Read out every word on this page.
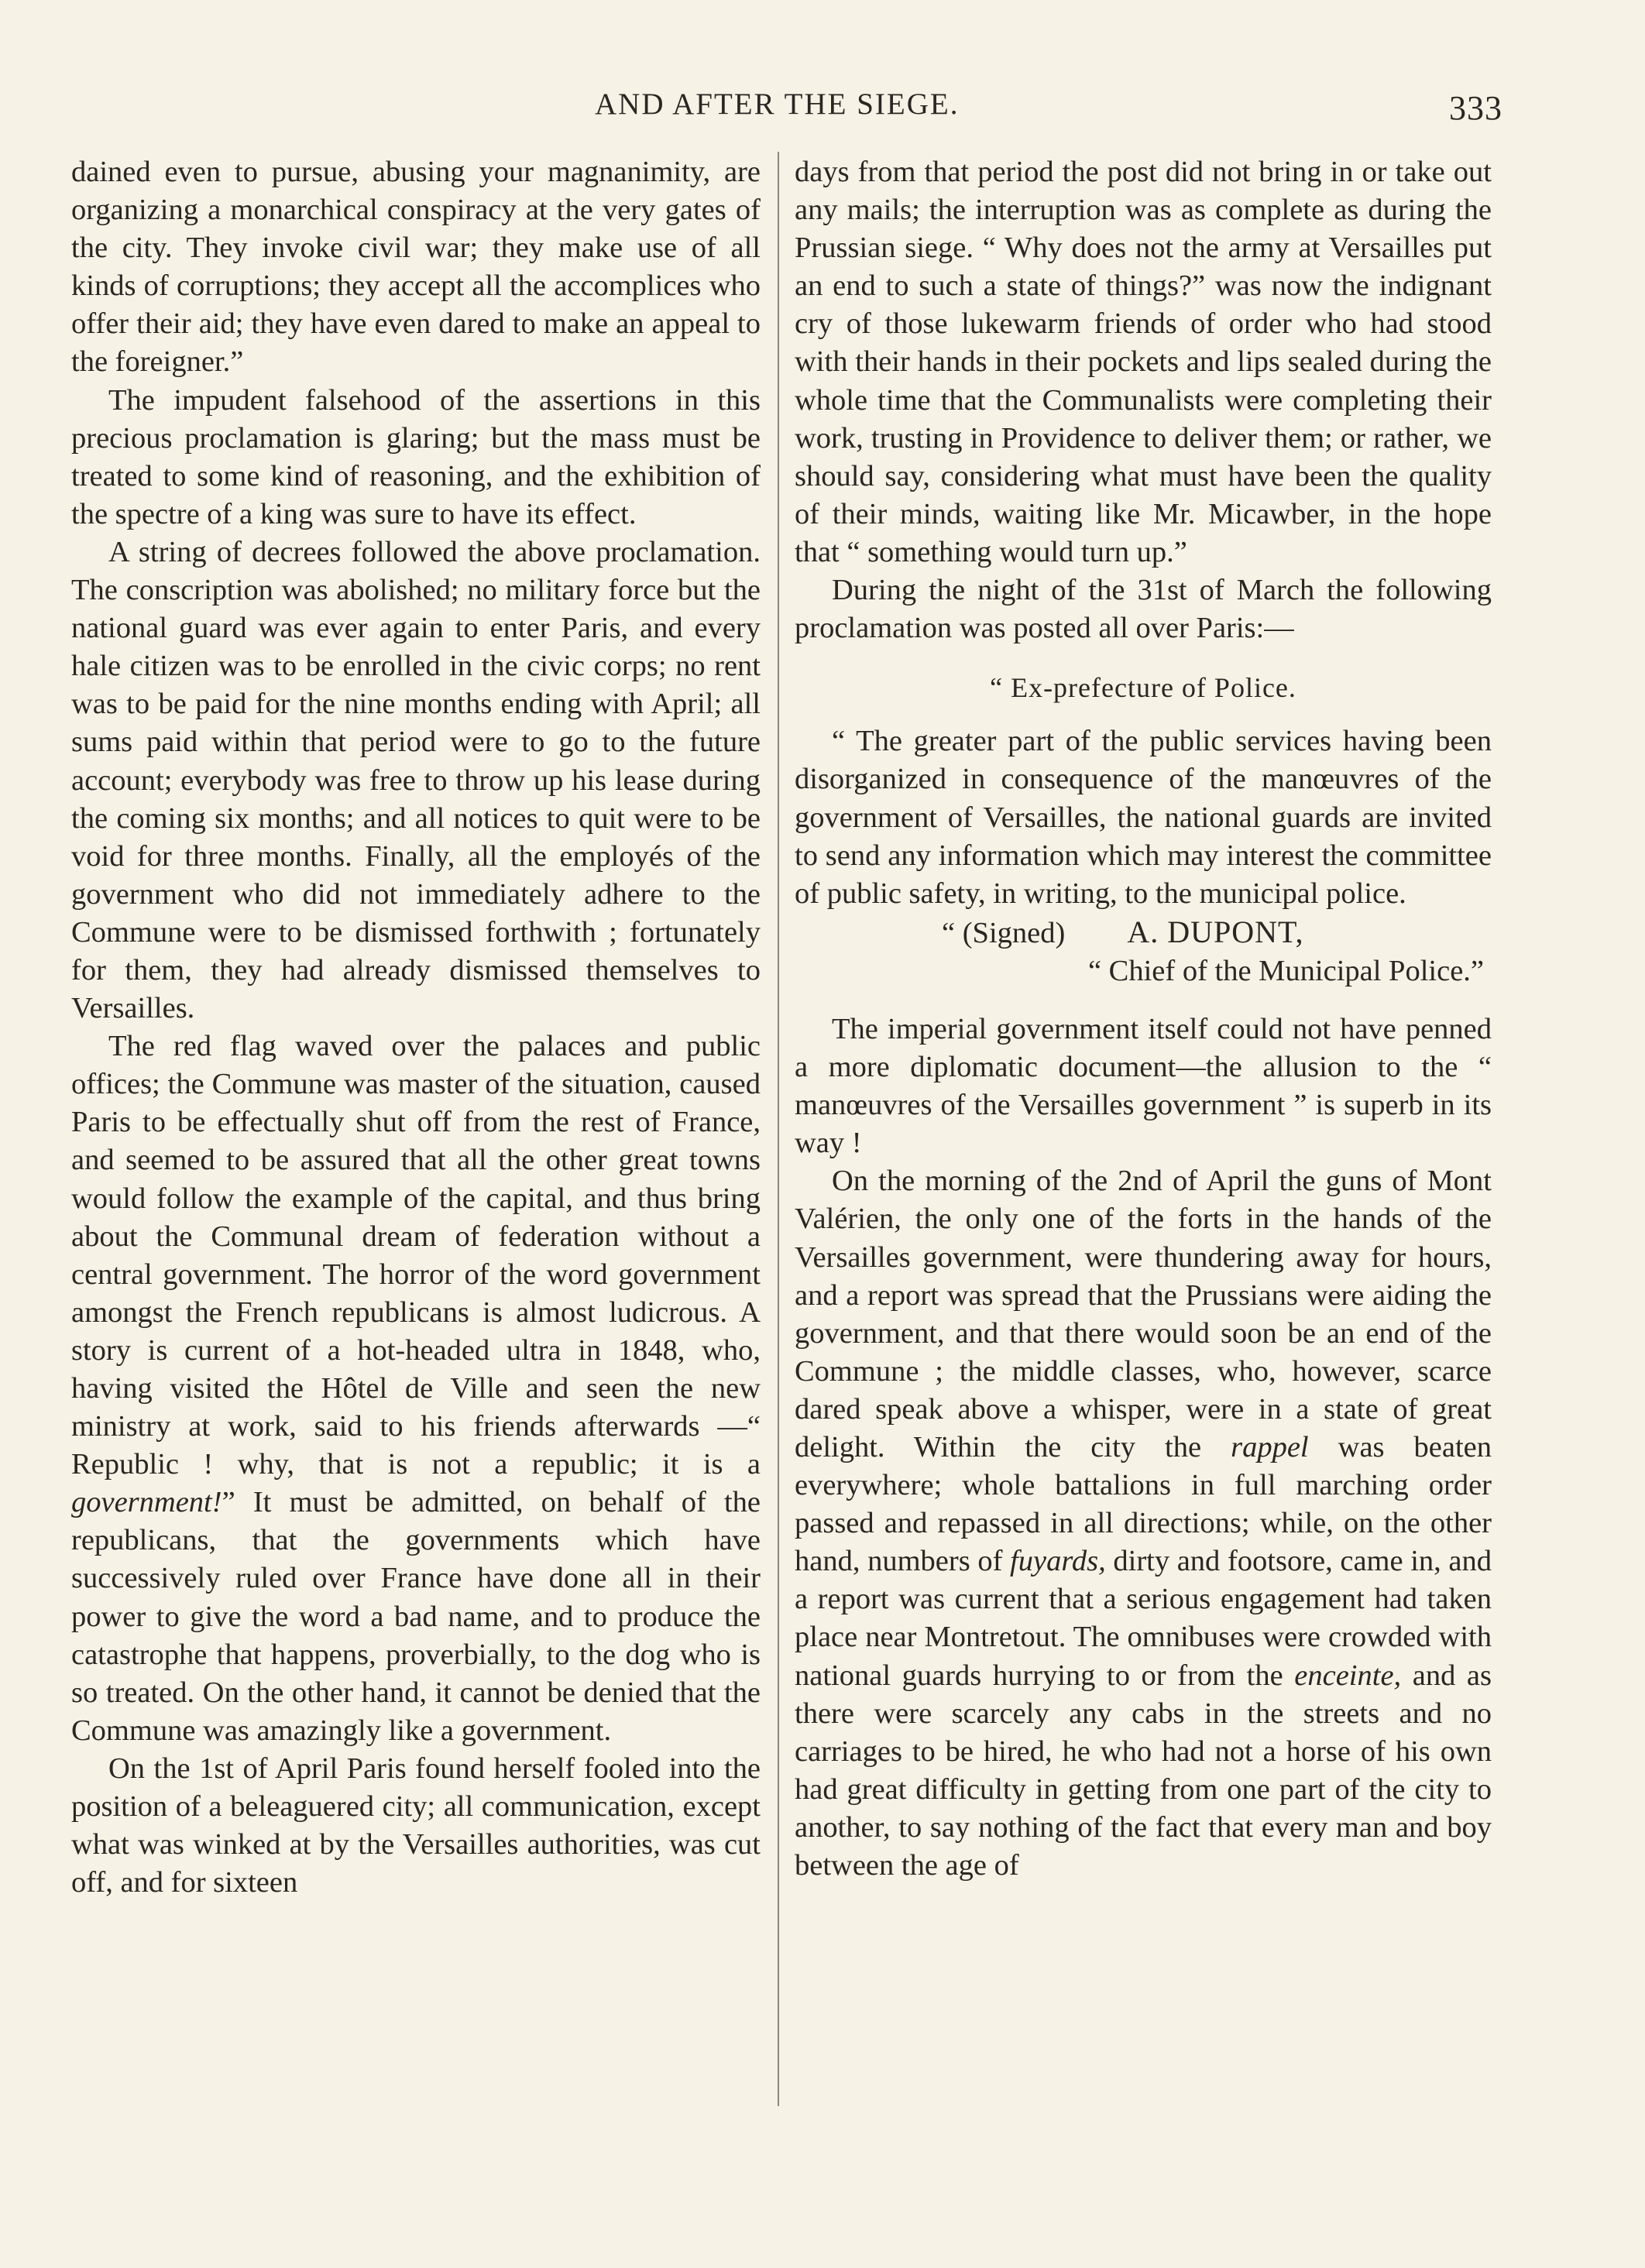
AND AFTER THE SIEGE.	333

dained even to pursue, abusing your magnanimity, are organizing a monarchical conspiracy at the very gates of the city. They invoke civil war; they make use of all kinds of corruptions; they accept all the accomplices who offer their aid; they have even dared to make an appeal to the foreigner.”

The impudent falsehood of the assertions in this precious proclamation is glaring; but the mass must be treated to some kind of reasoning, and the exhibition of the spectre of a king was sure to have its effect.

A string of decrees followed the above proclamation. The conscription was abolished; no military force but the national guard was ever again to enter Paris, and every hale citizen was to be enrolled in the civic corps; no rent was to be paid for the nine months ending with April; all sums paid within that period were to go to the future account; everybody was free to throw up his lease during the coming six months; and all notices to quit were to be void for three months. Finally, all the employés of the government who did not immediately adhere to the Commune were to be dismissed forthwith ; fortunately for them, they had already dismissed themselves to Versailles.

The red flag waved over the palaces and public offices; the Commune was master of the situation, caused Paris to be effectually shut off from the rest of France, and seemed to be assured that all the other great towns would follow the example of the capital, and thus bring about the Communal dream of federation without a central government. The horror of the word government amongst the French republicans is almost ludicrous. A story is current of a hot-headed ultra in 1848, who, having visited the Hôtel de Ville and seen the new ministry at work, said to his friends afterwards —“ Republic ! why, that is not a republic; it is a government!” It must be admitted, on behalf of the republicans, that the governments which have successively ruled over France have done all in their power to give the word a bad name, and to produce the catastrophe that happens, proverbially, to the dog who is so treated. On the other hand, it cannot be denied that the Commune was amazingly like a government.

On the 1st of April Paris found herself fooled into the position of a beleaguered city; all communication, except what was winked at by the Versailles authorities, was cut off, and for sixteen

days from that period the post did not bring in or take out any mails; the interruption was as complete as during the Prussian siege. “ Why does not the army at Versailles put an end to such a state of things?” was now the indignant cry of those lukewarm friends of order who had stood with their hands in their pockets and lips sealed during the whole time that the Communalists were completing their work, trusting in Providence to deliver them; or rather, we should say, considering what must have been the quality of their minds, waiting like Mr. Micawber, in the hope that “ something would turn up.”

During the night of the 31st of March the following proclamation was posted all over Paris:—

“ Ex-prefecture of Police.

“ The greater part of the public services having been disorganized in consequence of the manœuvres of the government of Versailles, the national guards are invited to send any information which may interest the committee of public safety, in writing, to the municipal police.

“ (Signed) A. DUPONT,

“ Chief of the Municipal Police.”

The imperial government itself could not have penned a more diplomatic document—the allusion to the “ manœuvres of the Versailles government ” is superb in its way !

On the morning of the 2nd of April the guns of Mont Valérien, the only one of the forts in the hands of the Versailles government, were thundering away for hours, and a report was spread that the Prussians were aiding the government, and that there would soon be an end of the Commune ; the middle classes, who, however, scarce dared speak above a whisper, were in a state of great delight. Within the city the rappel was beaten everywhere; whole battalions in full marching order passed and repassed in all directions; while, on the other hand, numbers of fuyards, dirty and footsore, came in, and a report was current that a serious engagement had taken place near Montretout. The omnibuses were crowded with national guards hurrying to or from the enceinte, and as there were scarcely any cabs in the streets and no carriages to be hired, he who had not a horse of his own had great difficulty in getting from one part of the city to another, to say nothing of the fact that every man and boy between the age of
